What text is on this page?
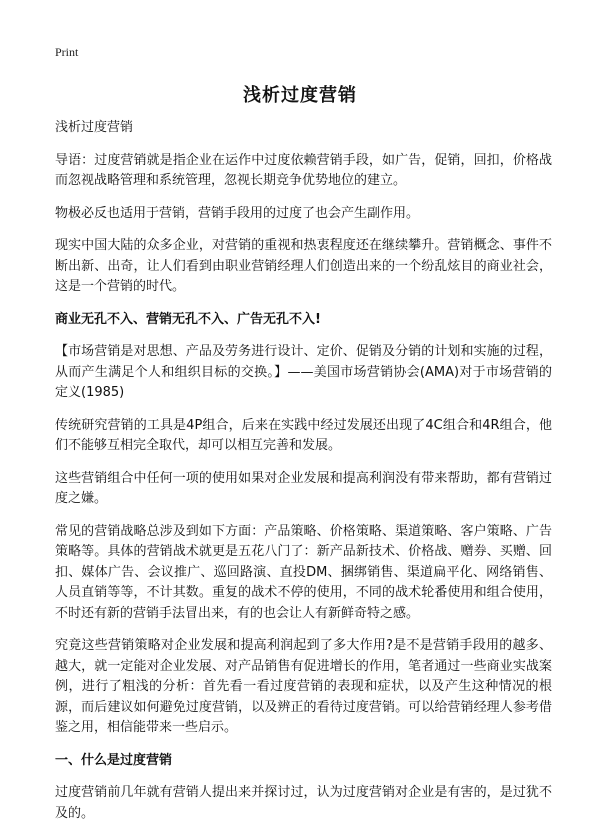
Print
浅析过度营销

浅析过度营销

导语：过度营销就是指企业在运作中过度依赖营销手段，如广告，促销，回扣，价格战而忽视战略管理和系统管理，忽视长期竞争优势地位的建立。

物极必反也适用于营销，营销手段用的过度了也会产生副作用。

现实中国大陆的众多企业，对营销的重视和热衷程度还在继续攀升。营销概念、事件不断出新、出奇，让人们看到由职业营销经理人们创造出来的一个纷乱炫目的商业社会，这是一个营销的时代。

商业无孔不入、营销无孔不入、广告无孔不入!

【市场营销是对思想、产品及劳务进行设计、定价、促销及分销的计划和实施的过程，从而产生满足个人和组织目标的交换。】——美国市场营销协会(AMA)对于市场营销的定义(1985)

传统研究营销的工具是4P组合，后来在实践中经过发展还出现了4C组合和4R组合，他们不能够互相完全取代，却可以相互完善和发展。

这些营销组合中任何一项的使用如果对企业发展和提高利润没有带来帮助，都有营销过度之嫌。

常见的营销战略总涉及到如下方面：产品策略、价格策略、渠道策略、客户策略、广告策略等。具体的营销战术就更是五花八门了：新产品新技术、价格战、赠券、买赠、回扣、媒体广告、会议推广、巡回路演、直投DM、捆绑销售、渠道扁平化、网络销售、人员直销等等，不计其数。重复的战术不停的使用，不同的战术轮番使用和组合使用，不时还有新的营销手法冒出来，有的也会让人有新鲜奇特之感。

究竟这些营销策略对企业发展和提高利润起到了多大作用?是不是营销手段用的越多、越大，就一定能对企业发展、对产品销售有促进增长的作用，笔者通过一些商业实战案例，进行了粗浅的分析：首先看一看过度营销的表现和症状，以及产生这种情况的根源，而后建议如何避免过度营销，以及辨正的看待过度营销。可以给营销经理人参考借鉴之用，相信能带来一些启示。

一、什么是过度营销

过度营销前几年就有营销人提出来并探讨过，认为过度营销对企业是有害的，是过犹不及的。
